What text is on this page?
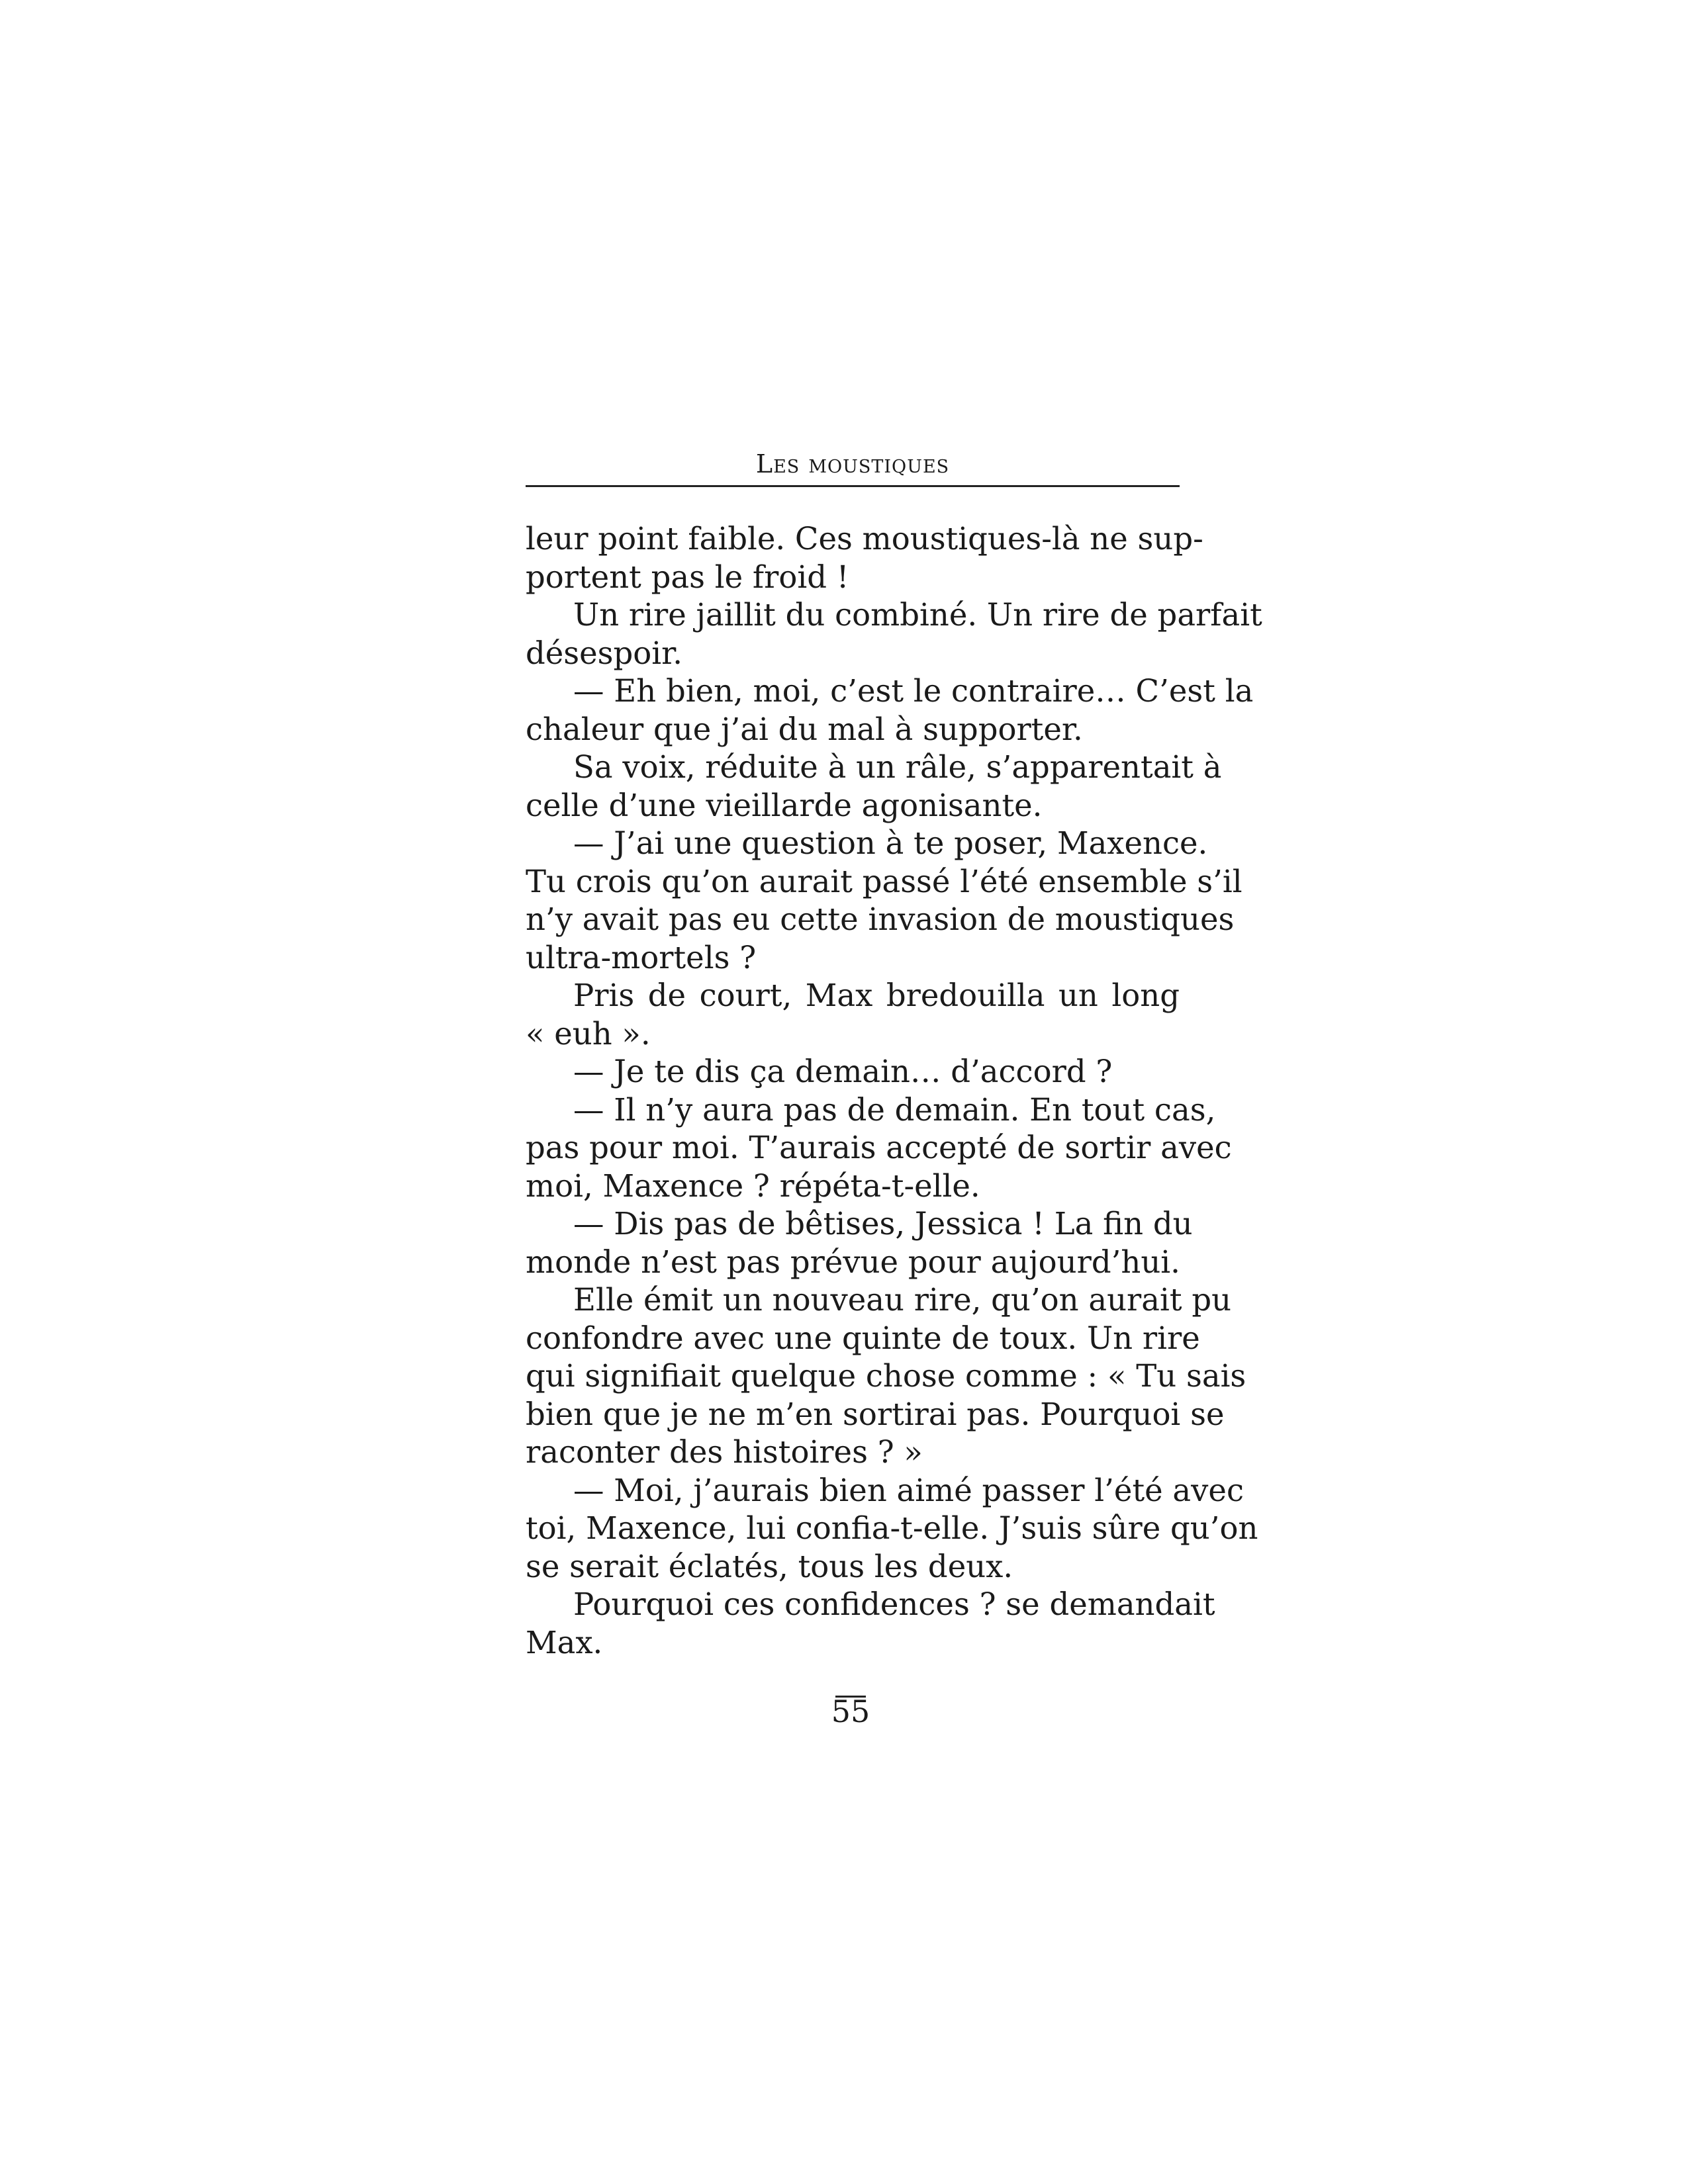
Les moustiques
leur point faible. Ces moustiques-là ne sup-
portent pas le froid !
Un rire jaillit du combiné. Un rire de parfait
désespoir.
— Eh bien, moi, c’est le contraire… C’est la
chaleur que j’ai du mal à supporter.
Sa voix, réduite à un râle, s’apparentait à
celle d’une vieillarde agonisante.
— J’ai une question à te poser, Maxence.
Tu crois qu’on aurait passé l’été ensemble s’il
n’y avait pas eu cette invasion de moustiques
ultra-mortels ?
Pris de court, Max bredouilla un long
« euh ».
— Je te dis ça demain… d’accord ?
— Il n’y aura pas de demain. En tout cas,
pas pour moi. T’aurais accepté de sortir avec
moi, Maxence ? répéta-t-elle.
— Dis pas de bêtises, Jessica ! La fin du
monde n’est pas prévue pour aujourd’hui.
Elle émit un nouveau rire, qu’on aurait pu
confondre avec une quinte de toux. Un rire
qui signifiait quelque chose comme : « Tu sais
bien que je ne m’en sortirai pas. Pourquoi se
raconter des histoires ? »
— Moi, j’aurais bien aimé passer l’été avec
toi, Maxence, lui confia-t-elle. J’suis sûre qu’on
se serait éclatés, tous les deux.
Pourquoi ces confidences ? se demandait
Max.
55
